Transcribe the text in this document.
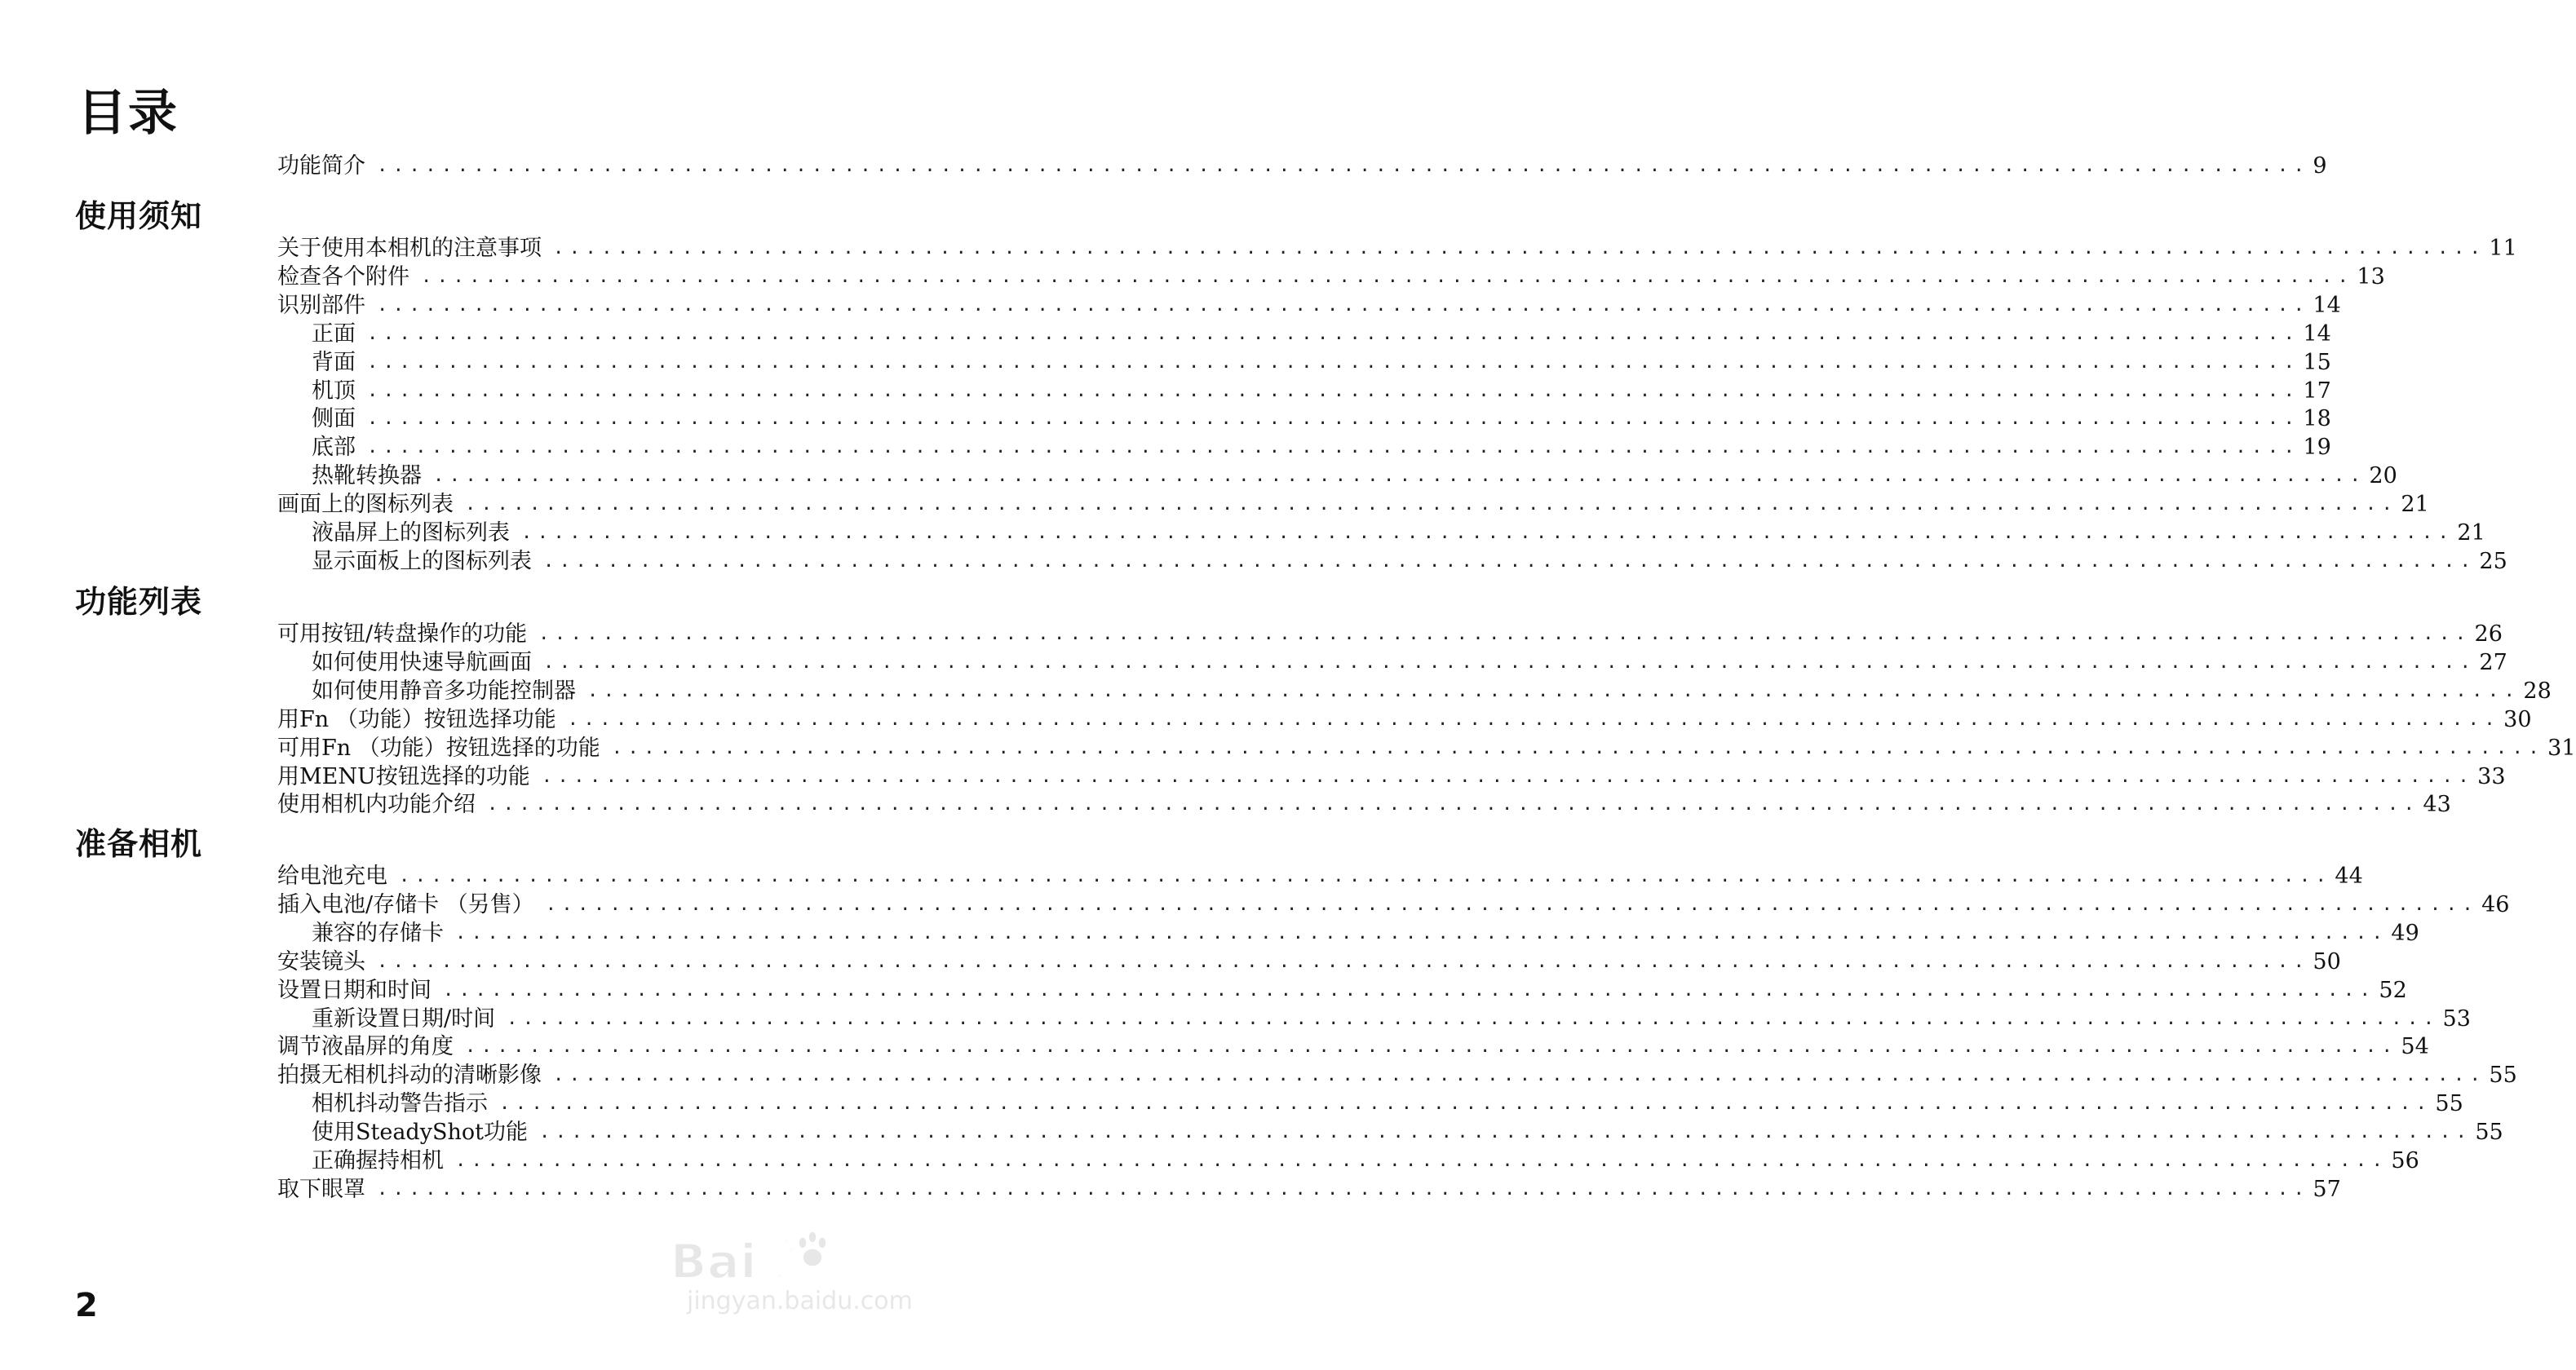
目录
功能简介 ........................................................................................................................ 9
使用须知
关于使用本相机的注意事项 ........................................................................................................................ 11
检查各个附件 ........................................................................................................................ 13
识别部件 ........................................................................................................................ 14
正面 ........................................................................................................................ 14
背面 ........................................................................................................................ 15
机顶 ........................................................................................................................ 17
侧面 ........................................................................................................................ 18
底部 ........................................................................................................................ 19
热靴转换器 ........................................................................................................................ 20
画面上的图标列表 ........................................................................................................................ 21
液晶屏上的图标列表 ........................................................................................................................ 21
显示面板上的图标列表 ........................................................................................................................ 25
功能列表
可用按钮/转盘操作的功能 ........................................................................................................................ 26
如何使用快速导航画面 ........................................................................................................................ 27
如何使用静音多功能控制器 ........................................................................................................................ 28
用Fn （功能）按钮选择功能 ........................................................................................................................ 30
可用Fn （功能）按钮选择的功能 ........................................................................................................................ 31
用MENU按钮选择的功能 ........................................................................................................................ 33
使用相机内功能介绍 ........................................................................................................................ 43
准备相机
给电池充电 ........................................................................................................................ 44
插入电池/存储卡 （另售） ........................................................................................................................ 46
兼容的存储卡 ........................................................................................................................ 49
安装镜头 ........................................................................................................................ 50
设置日期和时间 ........................................................................................................................ 52
重新设置日期/时间 ........................................................................................................................ 53
调节液晶屏的角度 ........................................................................................................................ 54
拍摄无相机抖动的清晰影像 ........................................................................................................................ 55
相机抖动警告指示 ........................................................................................................................ 55
使用SteadyShot功能 ........................................................................................................................ 55
正确握持相机 ........................................................................................................................ 56
取下眼罩 ........................................................................................................................ 57
2
Bai 经验
jingyan.baidu.com
